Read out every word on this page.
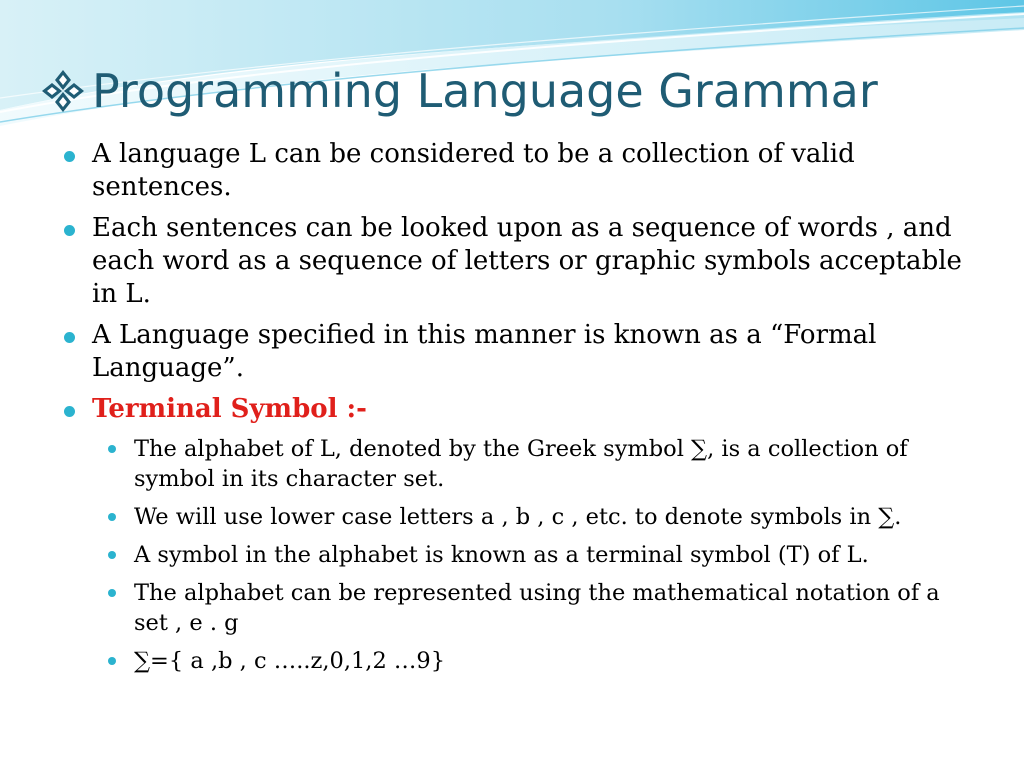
Programming Language Grammar
A language L can be considered to be a collection of valid sentences.
Each sentences can be looked upon as a sequence of words , and each word as a sequence of letters or graphic symbols acceptable in L.
A Language specified in this manner is known as a “Formal Language”.
Terminal Symbol :-
The alphabet of L, denoted by the Greek symbol ∑, is a collection of symbol in its character set.
We will use lower case letters a , b , c , etc. to denote symbols in ∑.
A symbol in the alphabet is known as a terminal symbol (T) of L.
The alphabet can be represented using the mathematical notation of a set , e . g
∑={ a ,b , c …..z,0,1,2 …9}
